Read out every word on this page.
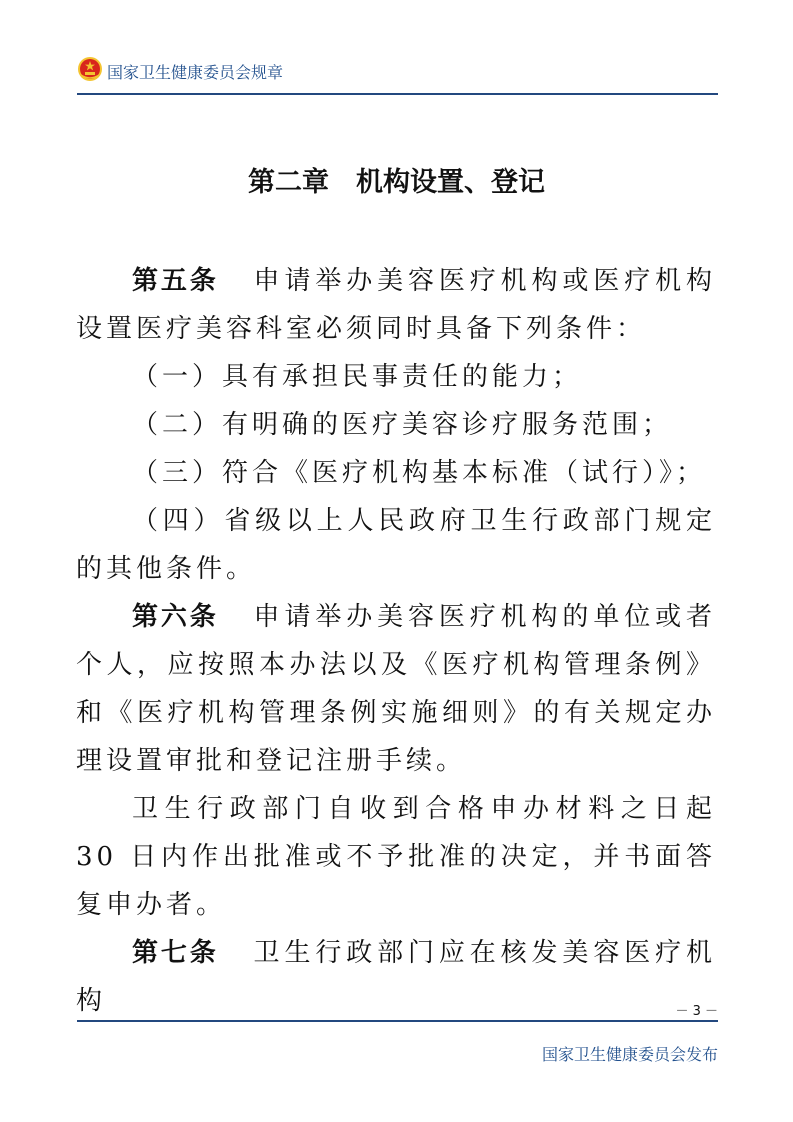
国家卫生健康委员会规章
第二章　机构设置、登记

第五条 申请举办美容医疗机构或医疗机构设置医疗美容科室必须同时具备下列条件：

（一）具有承担民事责任的能力；

（二）有明确的医疗美容诊疗服务范围；

（三）符合《医疗机构基本标准（试行）》；

（四）省级以上人民政府卫生行政部门规定的其他条件。

第六条 申请举办美容医疗机构的单位或者个人，应按照本办法以及《医疗机构管理条例》和《医疗机构管理条例实施细则》的有关规定办理设置审批和登记注册手续。

卫生行政部门自收到合格申办材料之日起 30 日内作出批准或不予批准的决定，并书面答复申办者。

第七条 卫生行政部门应在核发美容医疗机构	－ 3 －
国家卫生健康委员会发布
